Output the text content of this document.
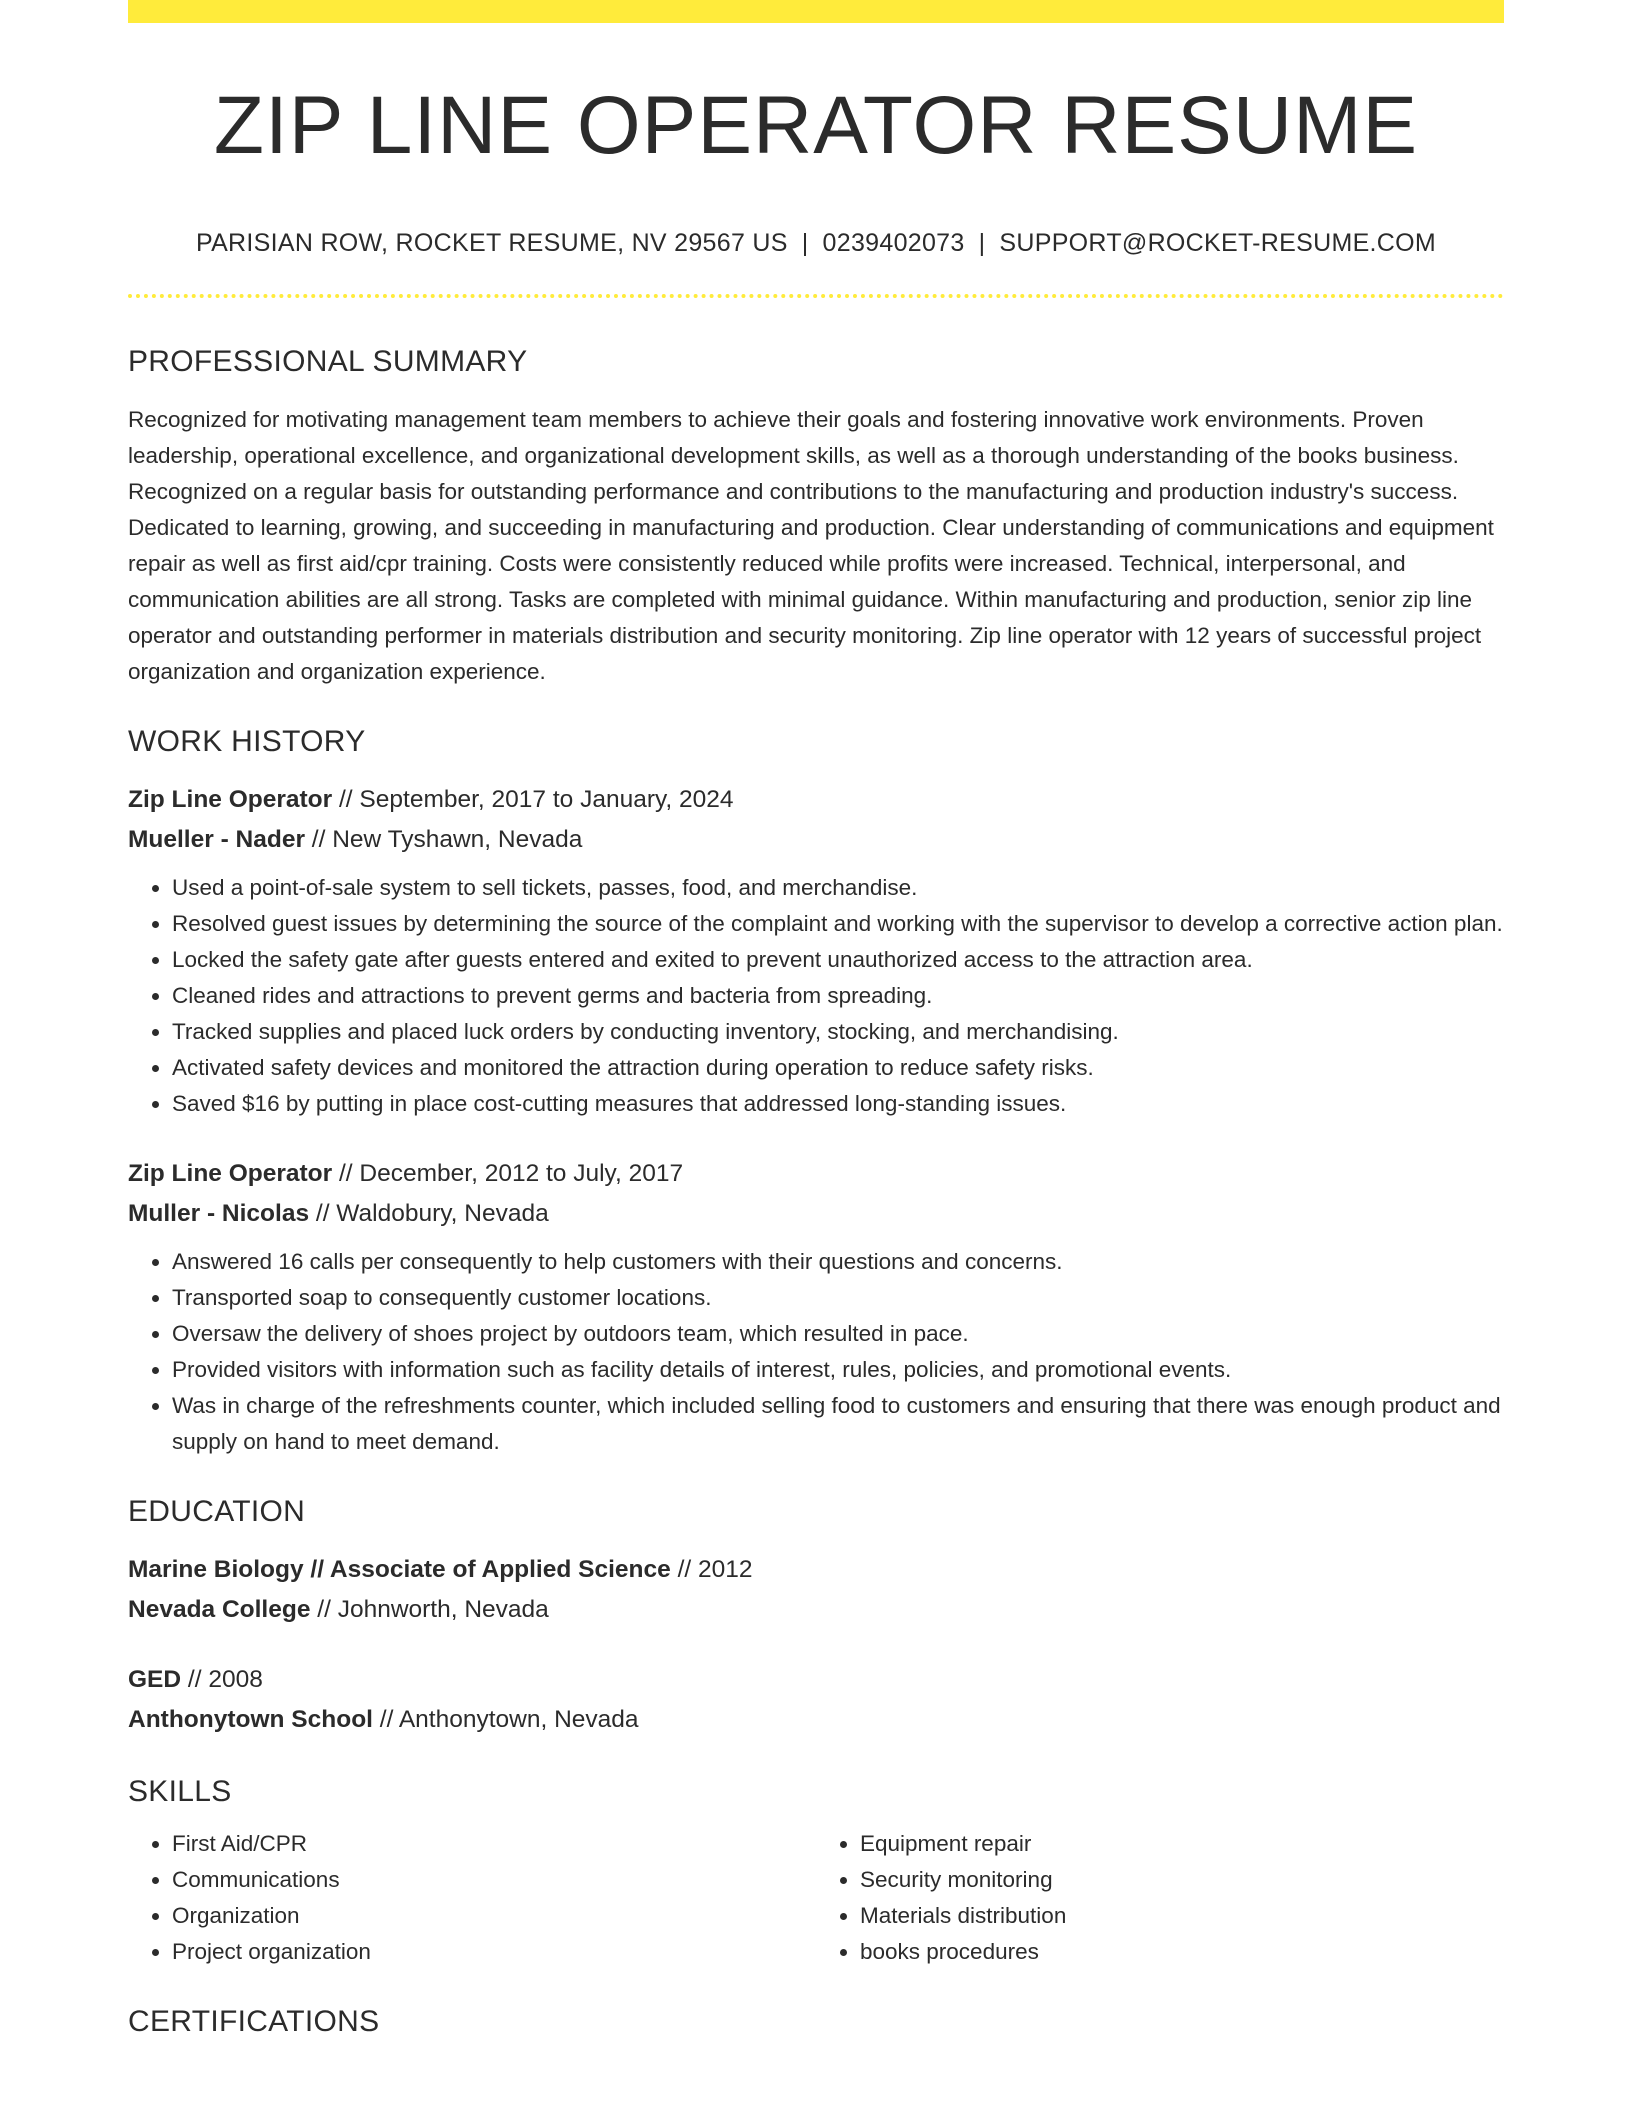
ZIP LINE OPERATOR RESUME
PARISIAN ROW, ROCKET RESUME, NV 29567 US | 0239402073 | SUPPORT@ROCKET-RESUME.COM
PROFESSIONAL SUMMARY

Recognized for motivating management team members to achieve their goals and fostering innovative work environments. Proven leadership, operational excellence, and organizational development skills, as well as a thorough understanding of the books business. Recognized on a regular basis for outstanding performance and contributions to the manufacturing and production industry's success. Dedicated to learning, growing, and succeeding in manufacturing and production. Clear understanding of communications and equipment repair as well as first aid/cpr training. Costs were consistently reduced while profits were increased. Technical, interpersonal, and communication abilities are all strong. Tasks are completed with minimal guidance. Within manufacturing and production, senior zip line operator and outstanding performer in materials distribution and security monitoring. Zip line operator with 12 years of successful project organization and organization experience.

WORK HISTORY
Zip Line Operator // September, 2017 to January, 2024
Mueller - Nader // New Tyshawn, Nevada
• Used a point-of-sale system to sell tickets, passes, food, and merchandise.
• Resolved guest issues by determining the source of the complaint and working with the supervisor to develop a corrective action plan.
• Locked the safety gate after guests entered and exited to prevent unauthorized access to the attraction area.
• Cleaned rides and attractions to prevent germs and bacteria from spreading.
• Tracked supplies and placed luck orders by conducting inventory, stocking, and merchandising.
• Activated safety devices and monitored the attraction during operation to reduce safety risks.
• Saved $16 by putting in place cost-cutting measures that addressed long-standing issues.
Zip Line Operator // December, 2012 to July, 2017
Muller - Nicolas // Waldobury, Nevada
• Answered 16 calls per consequently to help customers with their questions and concerns.
• Transported soap to consequently customer locations.
• Oversaw the delivery of shoes project by outdoors team, which resulted in pace.
• Provided visitors with information such as facility details of interest, rules, policies, and promotional events.
• Was in charge of the refreshments counter, which included selling food to customers and ensuring that there was enough product and supply on hand to meet demand.
EDUCATION
Marine Biology // Associate of Applied Science // 2012
Nevada College // Johnworth, Nevada
GED // 2008
Anthonytown School // Anthonytown, Nevada
SKILLS
• First Aid/CPR
• Communications
• Organization
• Project organization
• Equipment repair
• Security monitoring
• Materials distribution
• books procedures
CERTIFICATIONS
